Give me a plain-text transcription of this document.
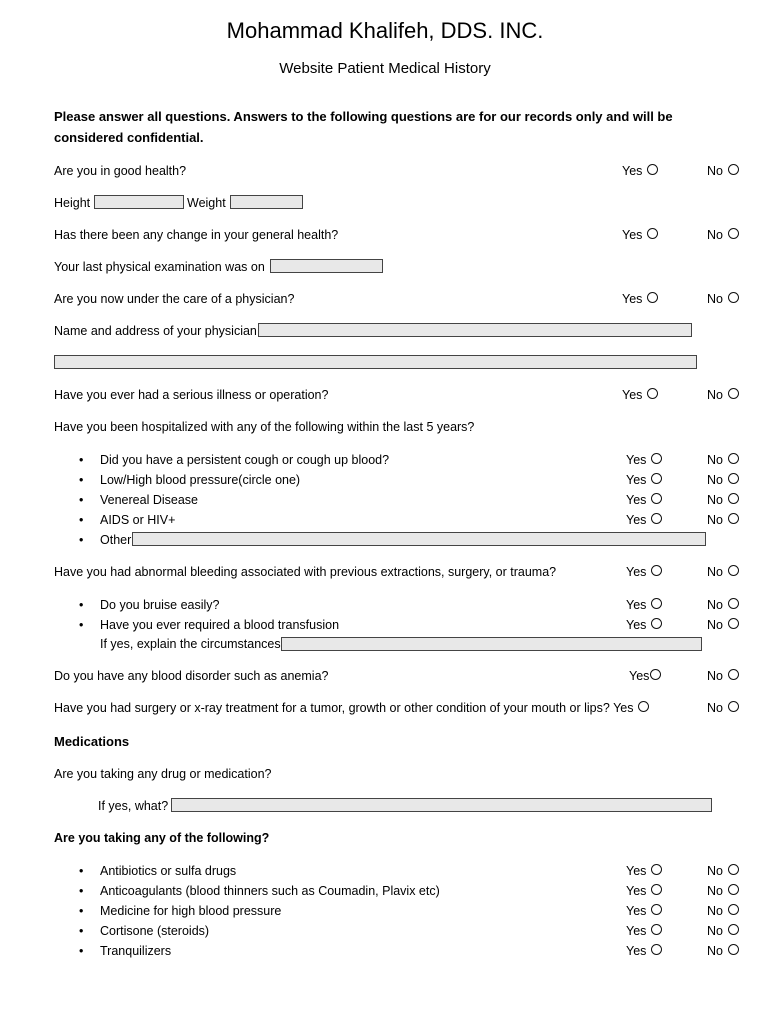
Mohammad Khalifeh, DDS. INC.
Website Patient Medical History
Please answer all questions. Answers to the following questions are for our records only and will be
considered confidential.
Are you in good health?	Yes	No
Height	Weight
Has there been any change in your general health?	Yes	No
Your last physical examination was on
Are you now under the care of a physician?	Yes	No
Name and address of your physician
Have you ever had a serious illness or operation?	Yes	No
Have you been hospitalized with any of the following within the last 5 years?
• Did you have a persistent cough or cough up blood?	Yes	No
• Low/High blood pressure(circle one)	Yes	No
• Venereal Disease	Yes	No
• AIDS or HIV+	Yes	No
• Other
Have you had abnormal bleeding associated with previous extractions, surgery, or trauma?	Yes	No
• Do you bruise easily?	Yes	No
• Have you ever required a blood transfusion	Yes	No
If yes, explain the circumstances
Do you have any blood disorder such as anemia?	Yes	No
Have you had surgery or x-ray treatment for a tumor, growth or other condition of your mouth or lips? Yes	No
Medications
Are you taking any drug or medication?
If yes, what?
Are you taking any of the following?
• Antibiotics or sulfa drugs	Yes	No
• Anticoagulants (blood thinners such as Coumadin, Plavix etc)	Yes	No
• Medicine for high blood pressure	Yes	No
• Cortisone (steroids)	Yes	No
• Tranquilizers	Yes	No
